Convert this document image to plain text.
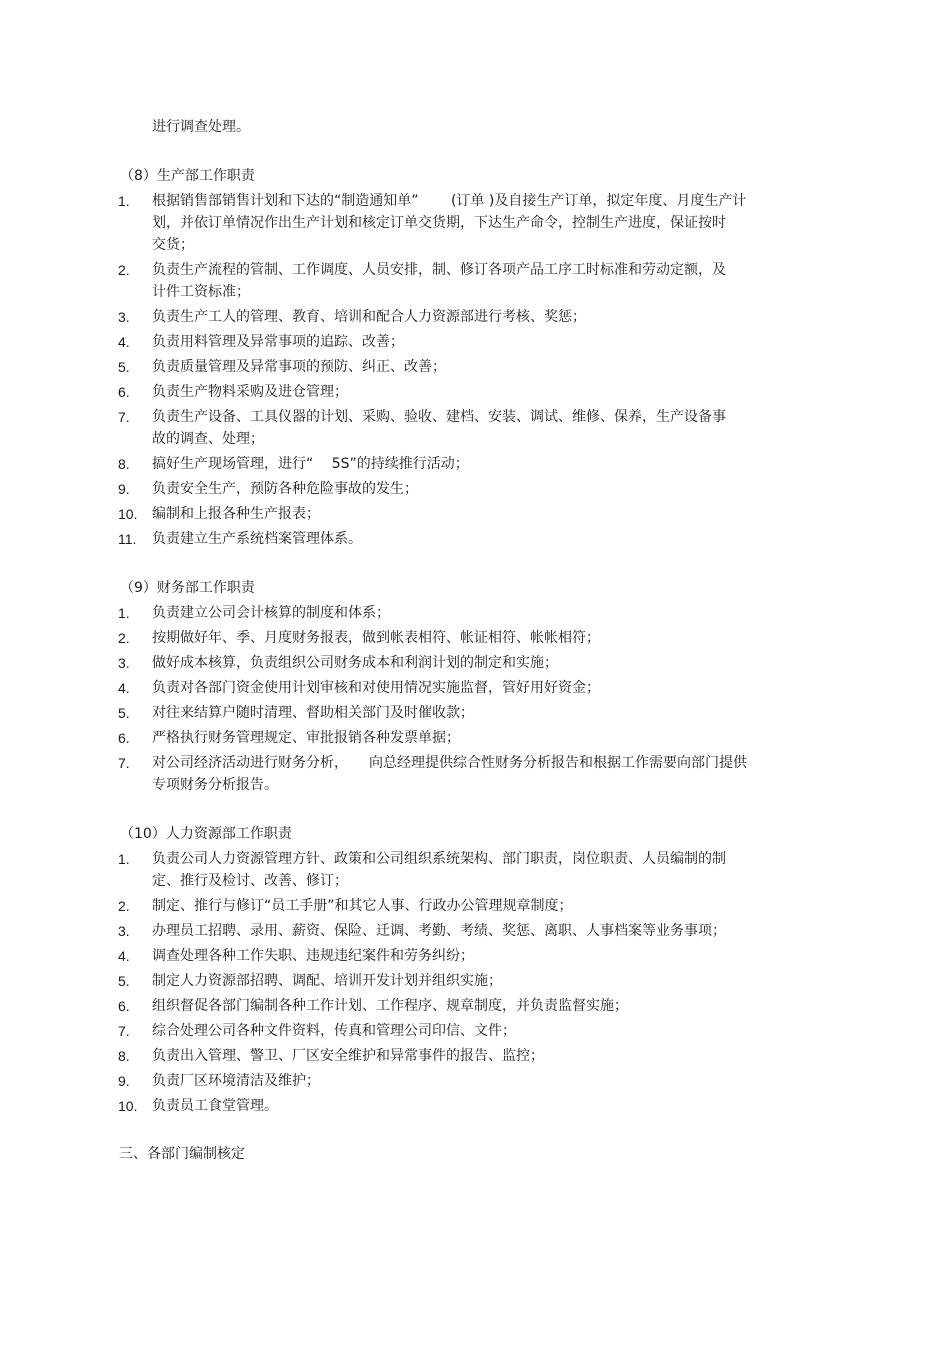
进行调查处理。
（8）生产部工作职责
1. 根据销售部销售计划和下达的“制造通知单”　　 (订单 )及自接生产订单，拟定年度、月度生产计
划，并依订单情况作出生产计划和核定订单交货期，下达生产命令，控制生产进度，保证按时
交货；
2. 负责生产流程的管制、工作调度、人员安排，制、修订各项产品工序工时标准和劳动定额，及
计件工资标准；
3. 负责生产工人的管理、教育、培训和配合人力资源部进行考核、奖惩；
4. 负责用料管理及异常事项的追踪、改善；
5. 负责质量管理及异常事项的预防、纠正、改善；
6. 负责生产物料采购及进仓管理；
7. 负责生产设备、工具仪器的计划、采购、验收、建档、安装、调试、维修、保养，生产设备事
故的调查、处理；
8. 搞好生产现场管理，进行“　 5S”的持续推行活动；
9. 负责安全生产，预防各种危险事故的发生；
10. 编制和上报各种生产报表；
11. 负责建立生产系统档案管理体系。
（9）财务部工作职责
1. 负责建立公司会计核算的制度和体系；
2. 按期做好年、季、月度财务报表，做到帐表相符、帐证相符、帐帐相符；
3. 做好成本核算，负责组织公司财务成本和利润计划的制定和实施；
4. 负责对各部门资金使用计划审核和对使用情况实施监督，管好用好资金；
5. 对往来结算户随时清理、督助相关部门及时催收款；
6. 严格执行财务管理规定、审批报销各种发票单据；
7. 对公司经济活动进行财务分析，　　向总经理提供综合性财务分析报告和根据工作需要向部门提供
专项财务分析报告。
（10）人力资源部工作职责
1. 负责公司人力资源管理方针、政策和公司组织系统架构、部门职责，岗位职责、人员编制的制
定、推行及检讨、改善、修订；
2. 制定、推行与修订“员工手册”和其它人事、行政办公管理规章制度；
3. 办理员工招聘、录用、薪资、保险、迁调、考勤、考绩、奖惩、离职、人事档案等业务事项；
4. 调查处理各种工作失职、违规违纪案件和劳务纠纷；
5. 制定人力资源部招聘、调配、培训开发计划并组织实施；
6. 组织督促各部门编制各种工作计划、工作程序、规章制度，并负责监督实施；
7. 综合处理公司各种文件资料，传真和管理公司印信、文件；
8. 负责出入管理、警卫、厂区安全维护和异常事件的报告、监控；
9. 负责厂区环境清洁及维护；
10. 负责员工食堂管理。
三、各部门编制核定
